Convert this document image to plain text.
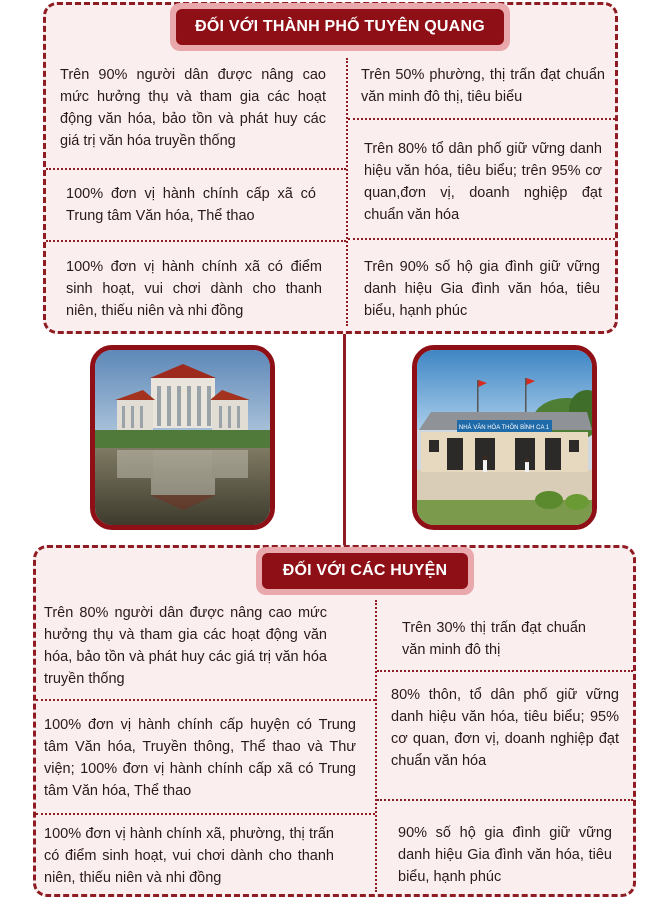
ĐỐI VỚI THÀNH PHỐ TUYÊN QUANG
Trên 90% người dân được nâng cao mức hưởng thụ và tham gia các hoạt động văn hóa, bảo tồn và phát huy các giá trị văn hóa truyền thống
100% đơn vị hành chính cấp xã có Trung tâm Văn hóa, Thể thao
100% đơn vị hành chính xã có điểm sinh hoạt, vui chơi dành cho thanh niên, thiếu niên và nhi đồng
Trên 50% phường, thị trấn đạt chuẩn văn minh đô thị, tiêu biểu
Trên 80% tổ dân phố giữ vững danh hiệu văn hóa, tiêu biểu; trên 95% cơ quan,đơn vị, doanh nghiệp đạt chuẩn văn hóa
Trên 90% số hộ gia đình giữ vững danh hiệu Gia đình văn hóa, tiêu biểu, hạnh phúc
NHÀ VĂN HÓA THÔN BÌNH CA 1
ĐỐI VỚI CÁC HUYỆN
Trên 80% người dân được nâng cao mức hưởng thụ và tham gia các hoạt động văn hóa, bảo tồn và phát huy các giá trị văn hóa truyền thống
100% đơn vị hành chính cấp huyện có Trung tâm Văn hóa, Truyền thông, Thể thao và Thư viện; 100% đơn vị hành chính cấp xã có Trung tâm Văn hóa, Thể thao
100% đơn vị hành chính xã, phường, thị trấn có điểm sinh hoạt, vui chơi dành cho thanh niên, thiếu niên và nhi đồng
Trên 30% thị trấn đạt chuẩn văn minh đô thị
80% thôn, tổ dân phố giữ vững danh hiệu văn hóa, tiêu biểu; 95% cơ quan, đơn vị, doanh nghiệp đạt chuẩn văn hóa
90% số hộ gia đình giữ vững danh hiệu Gia đình văn hóa, tiêu biểu, hạnh phúc
